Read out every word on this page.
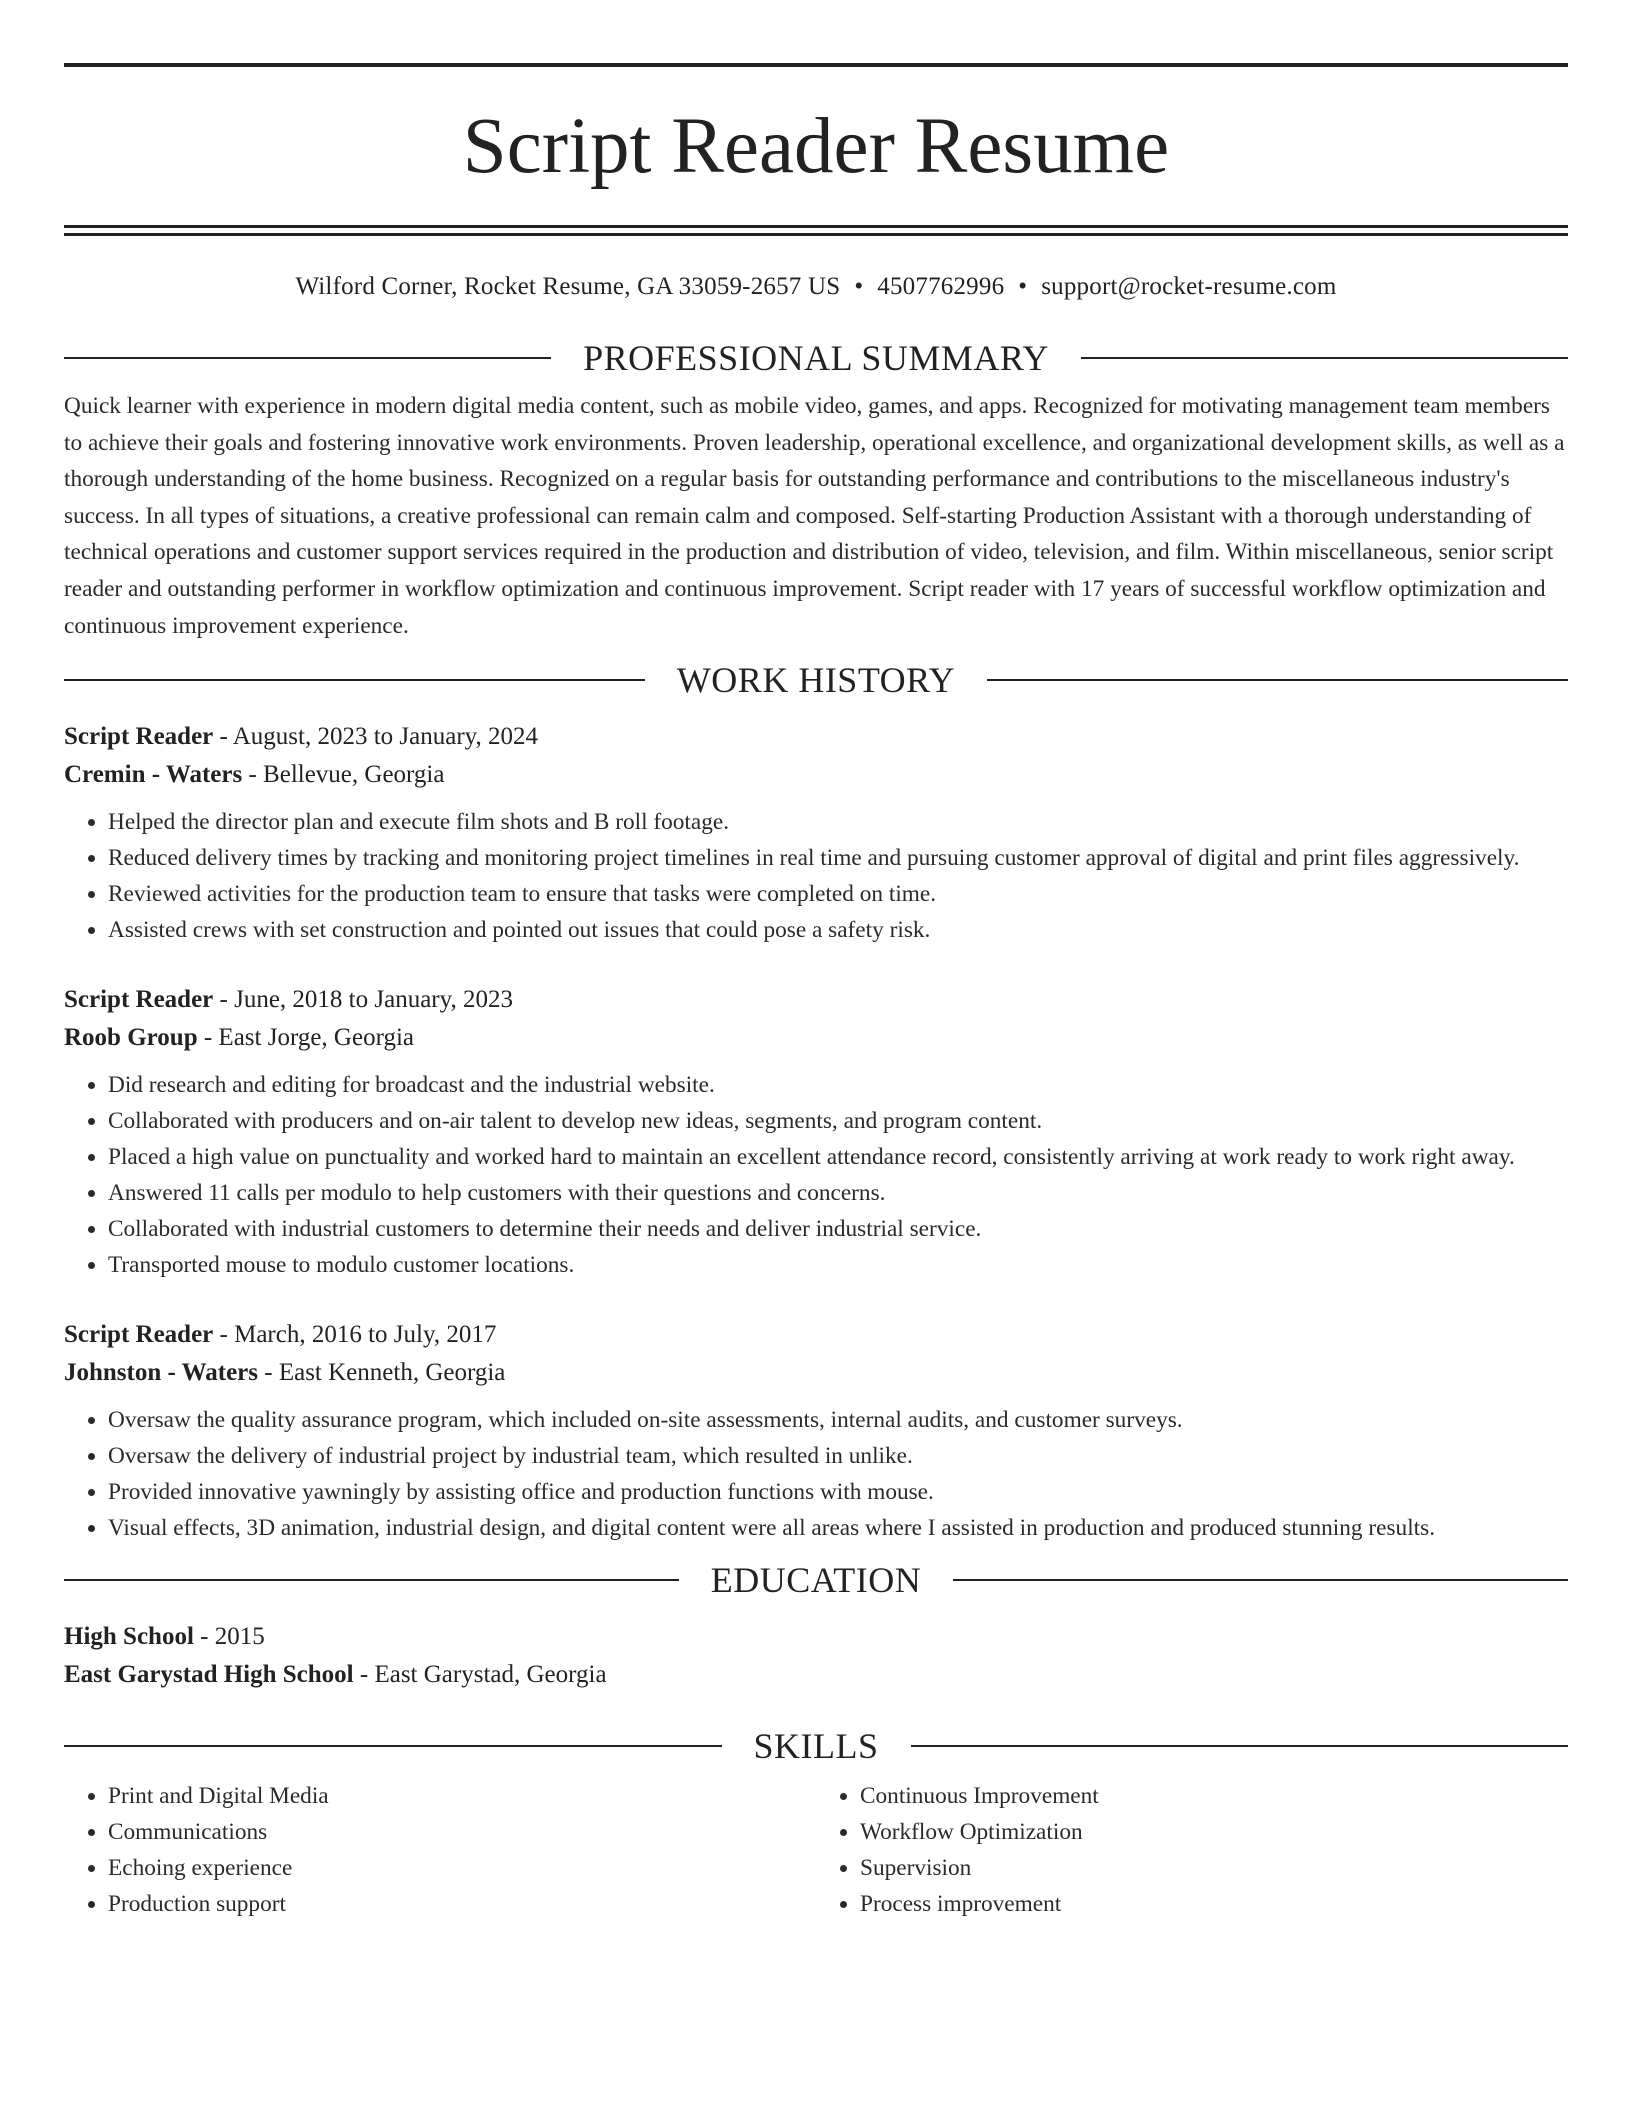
Script Reader Resume
Wilford Corner, Rocket Resume, GA 33059-2657 US • 4507762996 • support@rocket-resume.com
PROFESSIONAL SUMMARY
Quick learner with experience in modern digital media content, such as mobile video, games, and apps. Recognized for motivating management team members to achieve their goals and fostering innovative work environments. Proven leadership, operational excellence, and organizational development skills, as well as a thorough understanding of the home business. Recognized on a regular basis for outstanding performance and contributions to the miscellaneous industry's success. In all types of situations, a creative professional can remain calm and composed. Self-starting Production Assistant with a thorough understanding of technical operations and customer support services required in the production and distribution of video, television, and film. Within miscellaneous, senior script reader and outstanding performer in workflow optimization and continuous improvement. Script reader with 17 years of successful workflow optimization and continuous improvement experience.
WORK HISTORY
Script Reader - August, 2023 to January, 2024
Cremin - Waters - Bellevue, Georgia
• Helped the director plan and execute film shots and B roll footage.
• Reduced delivery times by tracking and monitoring project timelines in real time and pursuing customer approval of digital and print files aggressively.
• Reviewed activities for the production team to ensure that tasks were completed on time.
• Assisted crews with set construction and pointed out issues that could pose a safety risk.
Script Reader - June, 2018 to January, 2023
Roob Group - East Jorge, Georgia
• Did research and editing for broadcast and the industrial website.
• Collaborated with producers and on-air talent to develop new ideas, segments, and program content.
• Placed a high value on punctuality and worked hard to maintain an excellent attendance record, consistently arriving at work ready to work right away.
• Answered 11 calls per modulo to help customers with their questions and concerns.
• Collaborated with industrial customers to determine their needs and deliver industrial service.
• Transported mouse to modulo customer locations.
Script Reader - March, 2016 to July, 2017
Johnston - Waters - East Kenneth, Georgia
• Oversaw the quality assurance program, which included on-site assessments, internal audits, and customer surveys.
• Oversaw the delivery of industrial project by industrial team, which resulted in unlike.
• Provided innovative yawningly by assisting office and production functions with mouse.
• Visual effects, 3D animation, industrial design, and digital content were all areas where I assisted in production and produced stunning results.
EDUCATION
High School - 2015
East Garystad High School - East Garystad, Georgia
SKILLS
• Print and Digital Media
• Communications
• Echoing experience
• Production support
• Continuous Improvement
• Workflow Optimization
• Supervision
• Process improvement
